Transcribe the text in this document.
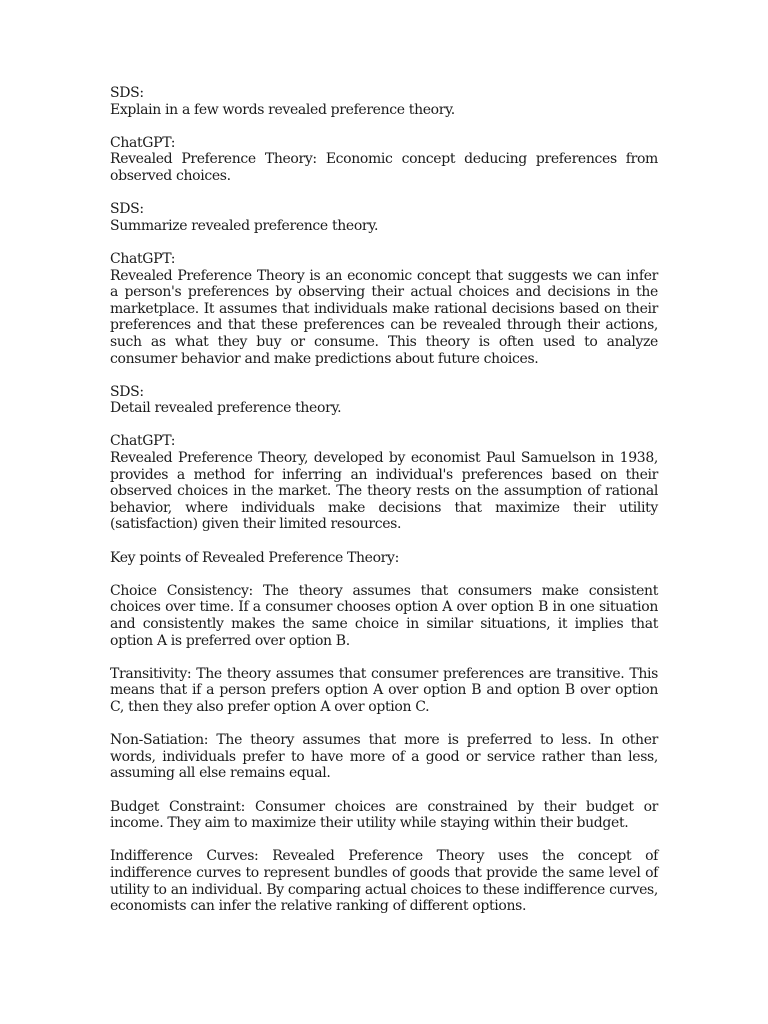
SDS:
Explain in a few words revealed preference theory.
ChatGPT:
Revealed Preference Theory: Economic concept deducing preferences from observed choices.
SDS:
Summarize revealed preference theory.
ChatGPT:
Revealed Preference Theory is an economic concept that suggests we can infer a person's preferences by observing their actual choices and decisions in the marketplace. It assumes that individuals make rational decisions based on their preferences and that these preferences can be revealed through their actions, such as what they buy or consume. This theory is often used to analyze consumer behavior and make predictions about future choices.
SDS:
Detail revealed preference theory.
ChatGPT:
Revealed Preference Theory, developed by economist Paul Samuelson in 1938, provides a method for inferring an individual's preferences based on their observed choices in the market. The theory rests on the assumption of rational behavior, where individuals make decisions that maximize their utility (satisfaction) given their limited resources.
Key points of Revealed Preference Theory:
Choice Consistency: The theory assumes that consumers make consistent choices over time. If a consumer chooses option A over option B in one situation and consistently makes the same choice in similar situations, it implies that option A is preferred over option B.
Transitivity: The theory assumes that consumer preferences are transitive. This means that if a person prefers option A over option B and option B over option C, then they also prefer option A over option C.
Non-Satiation: The theory assumes that more is preferred to less. In other words, individuals prefer to have more of a good or service rather than less, assuming all else remains equal.
Budget Constraint: Consumer choices are constrained by their budget or income. They aim to maximize their utility while staying within their budget.
Indifference Curves: Revealed Preference Theory uses the concept of indifference curves to represent bundles of goods that provide the same level of utility to an individual. By comparing actual choices to these indifference curves, economists can infer the relative ranking of different options.
